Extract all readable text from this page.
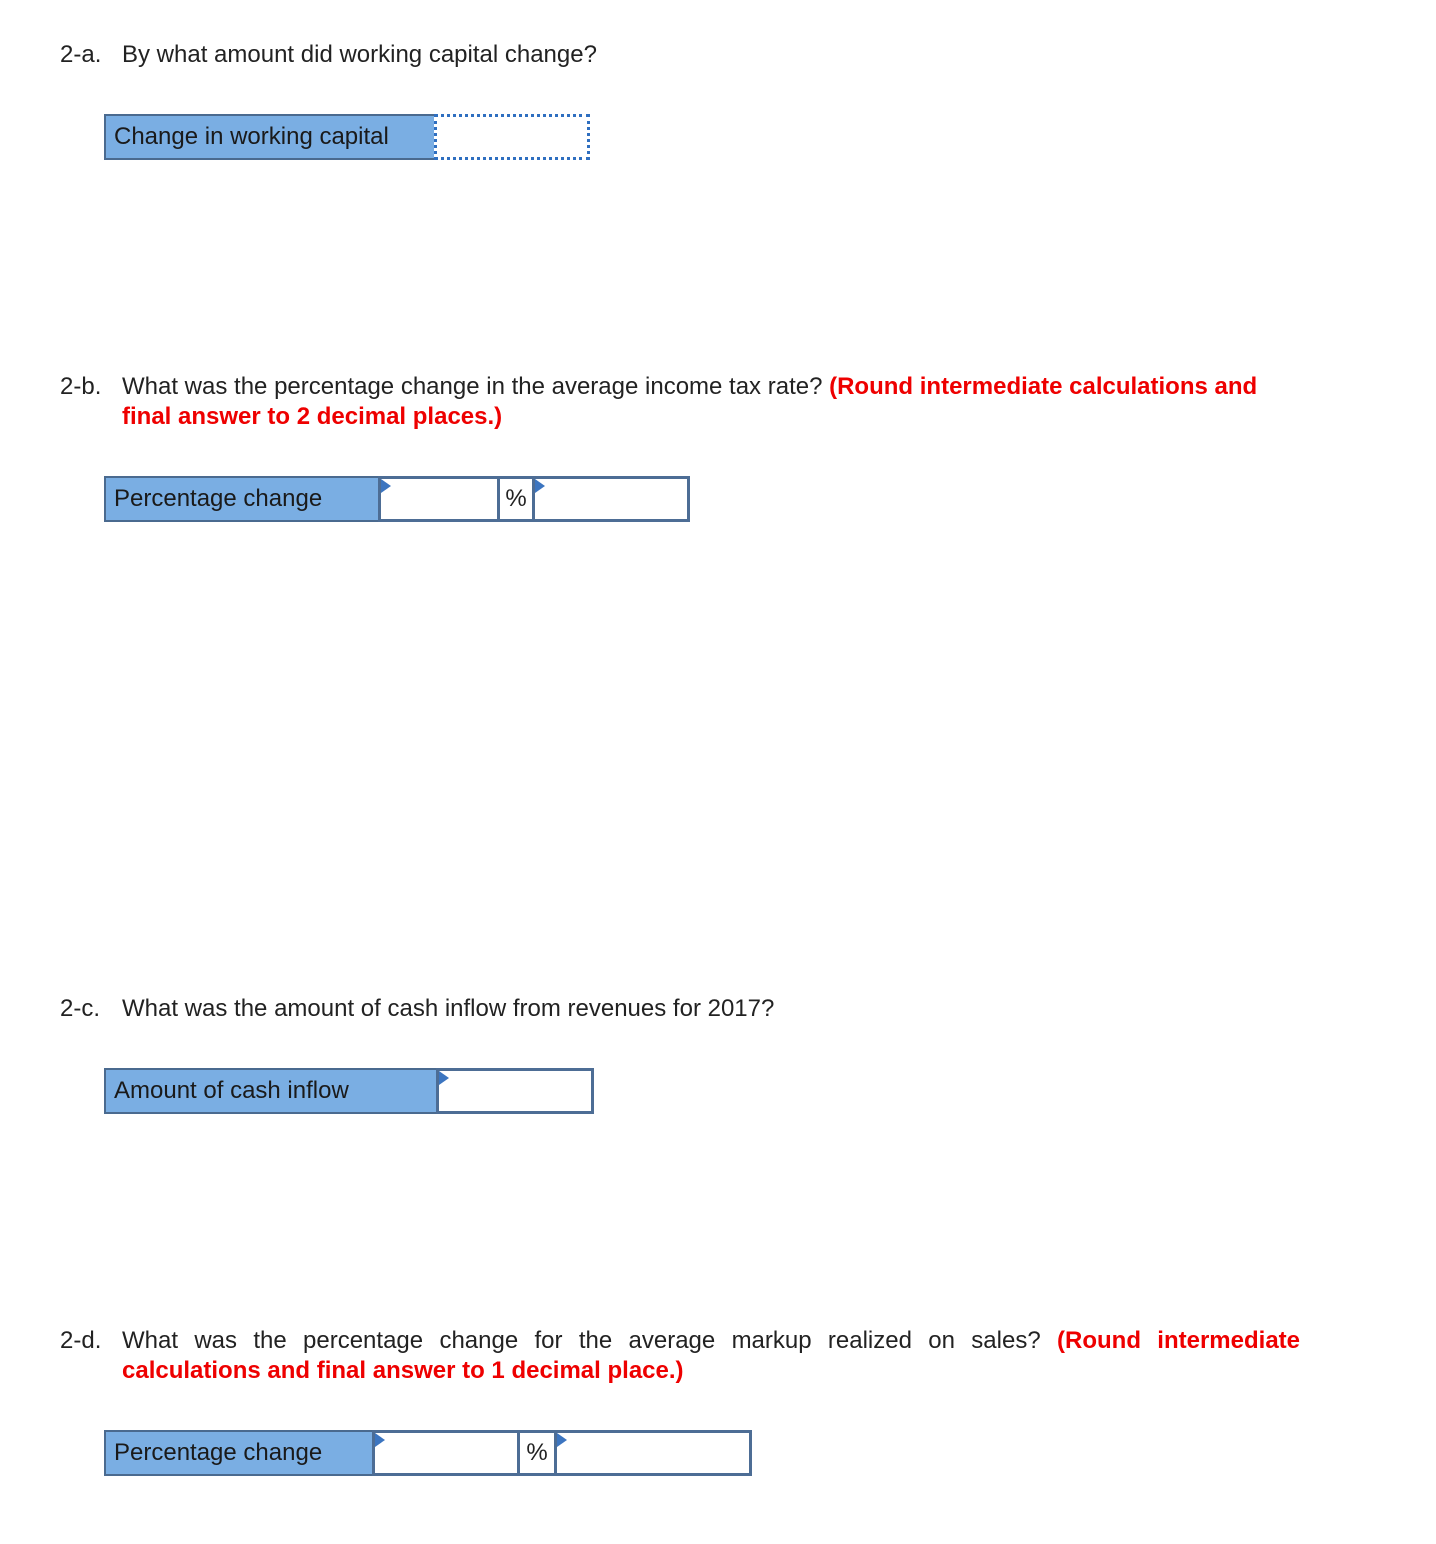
2-a. By what amount did working capital change?
Change in working capital
2-b. What was the percentage change in the average income tax rate? (Round intermediate calculations and final answer to 2 decimal places.)
Percentage change	%
2-c. What was the amount of cash inflow from revenues for 2017?
Amount of cash inflow
2-d. What was the percentage change for the average markup realized on sales? (Round intermediate calculations and final answer to 1 decimal place.)
Percentage change	%
